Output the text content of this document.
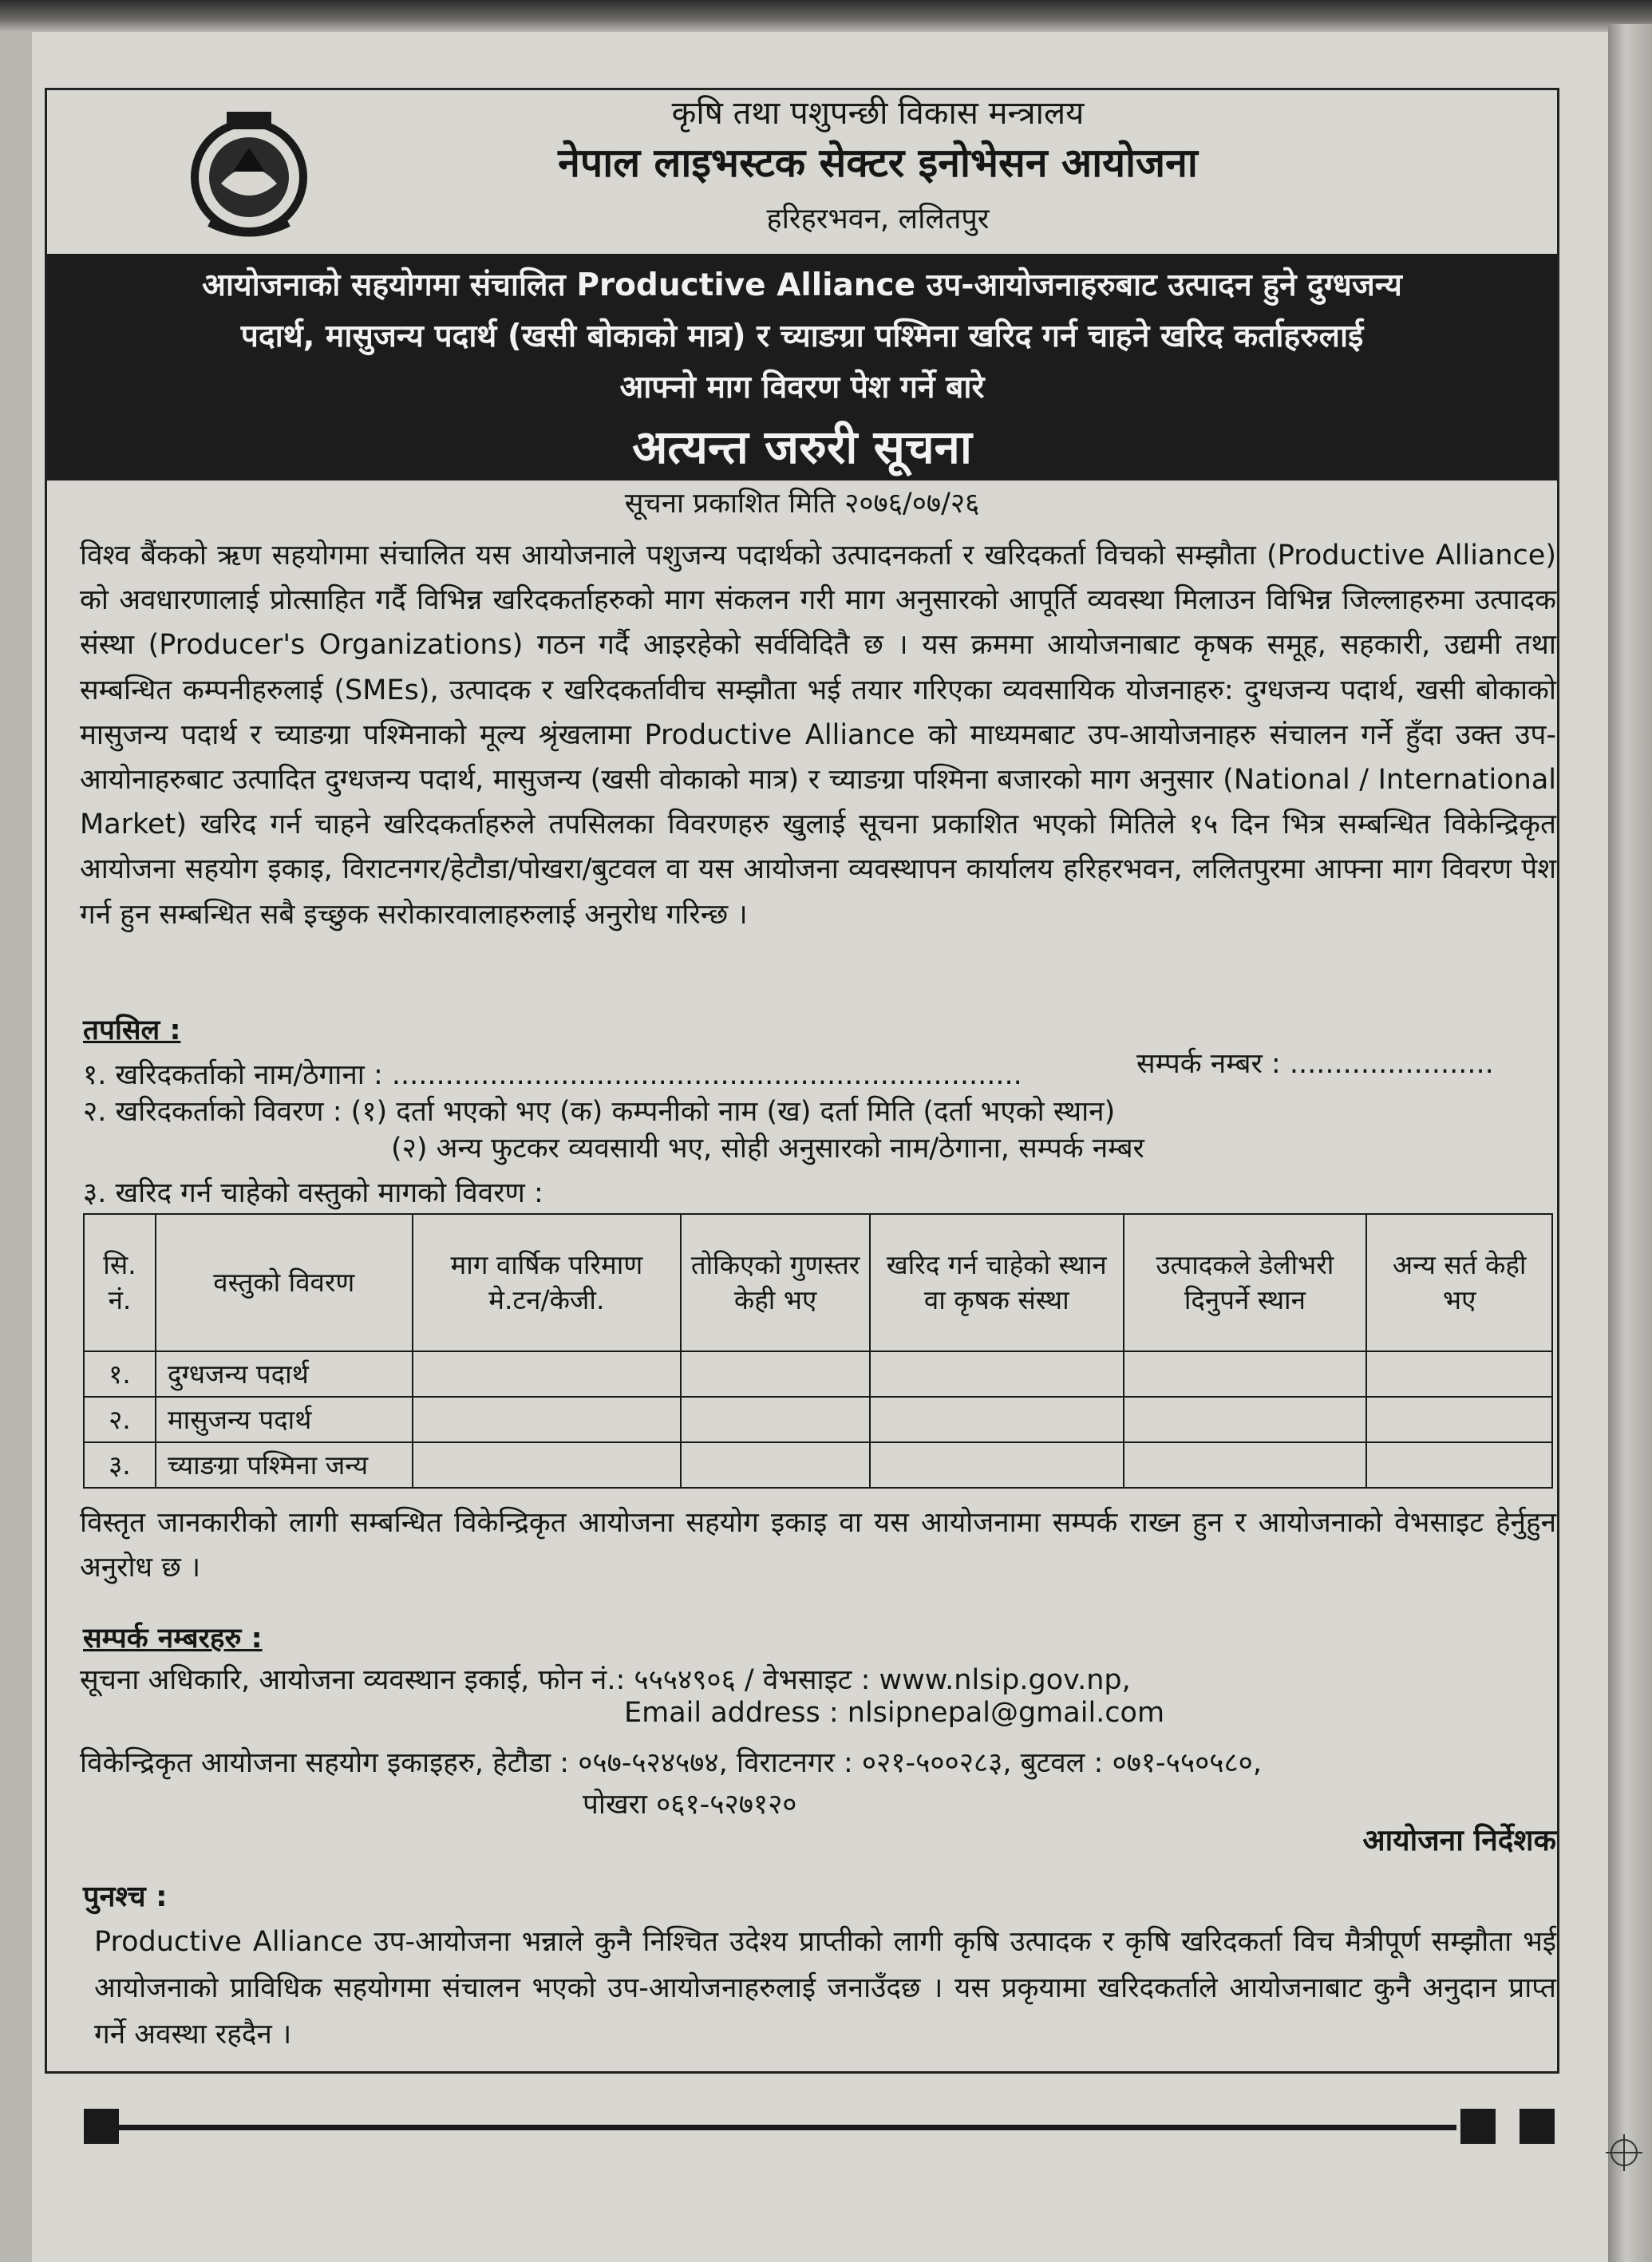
कृषि तथा पशुपन्छी विकास मन्त्रालय
नेपाल लाइभस्टक सेक्टर इनोभेसन आयोजना
हरिहरभवन, ललितपुर
आयोजनाको सहयोगमा संचालित Productive Alliance उप-आयोजनाहरुबाट उत्पादन हुने दुग्धजन्य
पदार्थ, मासुजन्य पदार्थ (खसी बोकाको मात्र) र च्याङग्रा पश्मिना खरिद गर्न चाहने खरिद कर्ताहरुलाई
आफ्नो माग विवरण पेश गर्ने बारे
अत्यन्त जरुरी सूचना
सूचना प्रकाशित मिति २०७६/०७/२६
विश्व बैंकको ऋण सहयोगमा संचालित यस आयोजनाले पशुजन्य पदार्थको उत्पादनकर्ता र खरिदकर्ता विचको सम्झौता (Productive Alliance) को अवधारणालाई प्रोत्साहित गर्दै विभिन्न खरिदकर्ताहरुको माग संकलन गरी माग अनुसारको आपूर्ति व्यवस्था मिलाउन विभिन्न जिल्लाहरुमा उत्पादक संस्था (Producer's Organizations) गठन गर्दै आइरहेको सर्वविदितै छ । यस क्रममा आयोजनाबाट कृषक समूह, सहकारी, उद्यमी तथा सम्बन्धित कम्पनीहरुलाई (SMEs), उत्पादक र खरिदकर्तावीच सम्झौता भई तयार गरिएका व्यवसायिक योजनाहरु: दुग्धजन्य पदार्थ, खसी बोकाको मासुजन्य पदार्थ र च्याङग्रा पश्मिनाको मूल्य श्रृंखलामा Productive Alliance को माध्यमबाट उप-आयोजनाहरु संचालन गर्ने हुँदा उक्त उप-आयोनाहरुबाट उत्पादित दुग्धजन्य पदार्थ, मासुजन्य (खसी वोकाको मात्र) र च्याङग्रा पश्मिना बजारको माग अनुसार (National / International Market) खरिद गर्न चाहने खरिदकर्ताहरुले तपसिलका विवरणहरु खुलाई सूचना प्रकाशित भएको मितिले १५ दिन भित्र सम्बन्धित विकेन्द्रिकृत आयोजना सहयोग इकाइ, विराटनगर/हेटौडा/पोखरा/बुटवल वा यस आयोजना व्यवस्थापन कार्यालय हरिहरभवन, ललितपुरमा आफ्ना माग विवरण पेश गर्न हुन सम्बन्धित सबै इच्छुक सरोकारवालाहरुलाई अनुरोध गरिन्छ ।
तपसिल :
१. खरिदकर्ताको नाम/ठेगाना : .......................................................................	सम्पर्क नम्बर : .......................
२. खरिदकर्ताको विवरण : (१) दर्ता भएको भए (क) कम्पनीको नाम (ख) दर्ता मिति (दर्ता भएको स्थान)
(२) अन्य फुटकर व्यवसायी भए, सोही अनुसारको नाम/ठेगाना, सम्पर्क नम्बर
३. खरिद गर्न चाहेको वस्तुको मागको विवरण :
सि. नं.	वस्तुको विवरण	माग वार्षिक परिमाण मे.टन/केजी.	तोकिएको गुणस्तर केही भए	खरिद गर्न चाहेको स्थान वा कृषक संस्था	उत्पादकले डेलीभरी दिनुपर्ने स्थान	अन्य सर्त केही भए
१.	दुग्धजन्य पदार्थ					
२.	मासुजन्य पदार्थ					
३.	च्याङग्रा पश्मिना जन्य					
विस्तृत जानकारीको लागी सम्बन्धित विकेन्द्रिकृत आयोजना सहयोग इकाइ वा यस आयोजनामा सम्पर्क राख्न हुन र आयोजनाको वेभसाइट हेर्नुहुन अनुरोध छ ।
सम्पर्क नम्बरहरु :
सूचना अधिकारि, आयोजना व्यवस्थान इकाई, फोन नं.: ५५५४९०६ / वेभसाइट : www.nlsip.gov.np,
Email address : nlsipnepal@gmail.com
विकेन्द्रिकृत आयोजना सहयोग इकाइहरु, हेटौडा : ०५७-५२४५७४, विराटनगर : ०२१-५००२८३, बुटवल : ०७१-५५०५८०,
पोखरा ०६१-५२७१२०
आयोजना निर्देशक
पुनश्च :
Productive Alliance उप-आयोजना भन्नाले कुनै निश्चित उदेश्य प्राप्तीको लागी कृषि उत्पादक र कृषि खरिदकर्ता विच मैत्रीपूर्ण सम्झौता भई आयोजनाको प्राविधिक सहयोगमा संचालन भएको उप-आयोजनाहरुलाई जनाउँदछ । यस प्रकृयामा खरिदकर्ताले आयोजनाबाट कुनै अनुदान प्राप्त गर्ने अवस्था रहदैन ।
